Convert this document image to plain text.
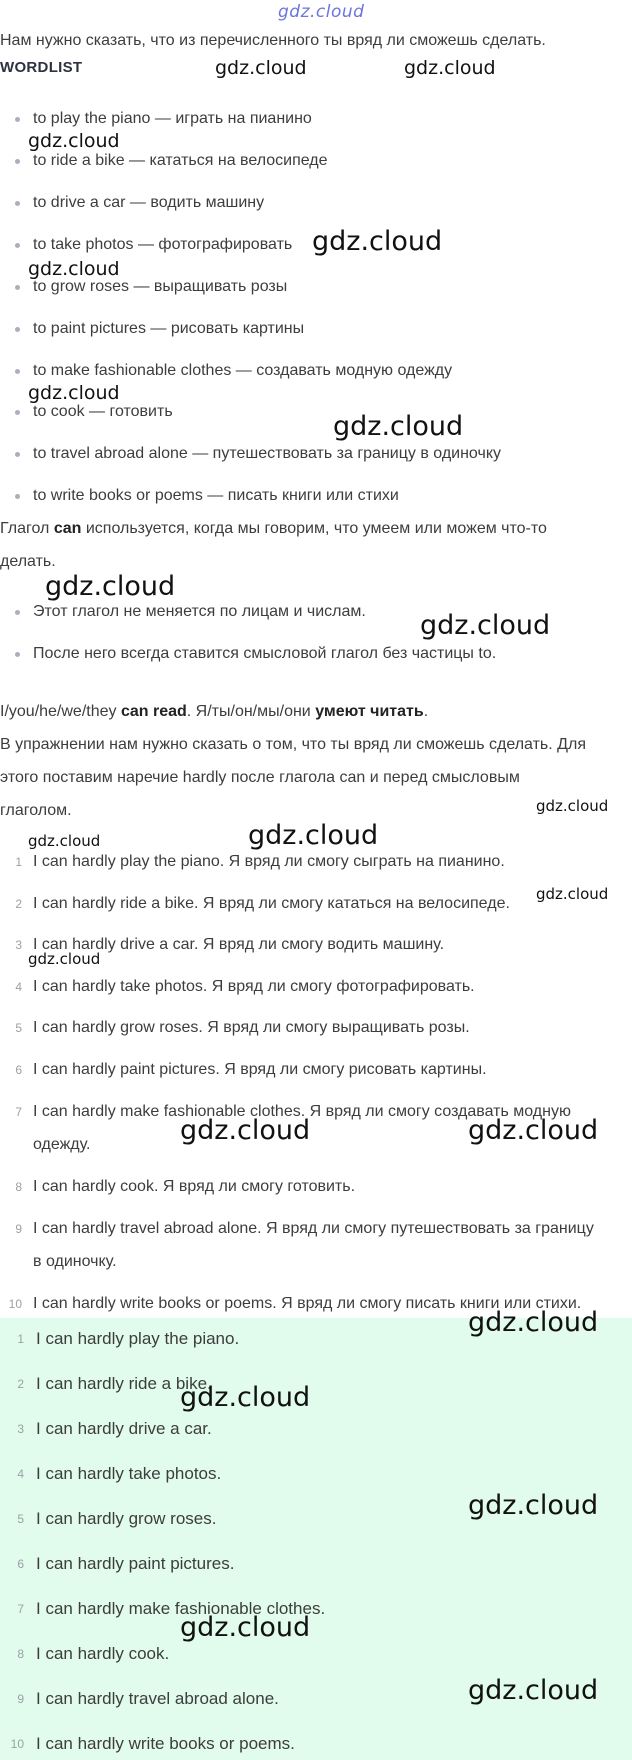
gdz.cloud
Нам нужно сказать, что из перечисленного ты вряд ли сможешь сделать.
WORDLIST
to play the piano — играть на пианино
to ride a bike — кататься на велосипеде
to drive a car — водить машину
to take photos — фотографировать
to grow roses — выращивать розы
to paint pictures — рисовать картины
to make fashionable clothes — создавать модную одежду
to cook — готовить
to travel abroad alone — путешествовать за границу в одиночку
to write books or poems — писать книги или стихи
Глагол can используется, когда мы говорим, что умеем или можем что-то
делать.
Этот глагол не меняется по лицам и числам.
После него всегда ставится смысловой глагол без частицы to.
I/you/he/we/they can read. Я/ты/он/мы/они умеют читать.
В упражнении нам нужно сказать о том, что ты вряд ли сможешь сделать. Для
этого поставим наречие hardly после глагола can и перед смысловым
глаголом.
1 I can hardly play the piano. Я вряд ли смогу сыграть на пианино.
2 I can hardly ride a bike. Я вряд ли смогу кататься на велосипеде.
3 I can hardly drive a car. Я вряд ли смогу водить машину.
4 I can hardly take photos. Я вряд ли смогу фотографировать.
5 I can hardly grow roses. Я вряд ли смогу выращивать розы.
6 I can hardly paint pictures. Я вряд ли смогу рисовать картины.
7 I can hardly make fashionable clothes. Я вряд ли смогу создавать модную
одежду.
8 I can hardly cook. Я вряд ли смогу готовить.
9 I can hardly travel abroad alone. Я вряд ли смогу путешествовать за границу
в одиночку.
10 I can hardly write books or poems. Я вряд ли смогу писать книги или стихи.
1 I can hardly play the piano.
2 I can hardly ride a bike.
3 I can hardly drive a car.
4 I can hardly take photos.
5 I can hardly grow roses.
6 I can hardly paint pictures.
7 I can hardly make fashionable clothes.
8 I can hardly cook.
9 I can hardly travel abroad alone.
10 I can hardly write books or poems.
gdz.cloud	gdz.cloud
gdz.cloud
gdz.cloud
gdz.cloud
gdz.cloud
gdz.cloud
gdz.cloud
gdz.cloud
gdz.cloud
gdz.cloud
gdz.cloud
gdz.cloud
gdz.cloud
gdz.cloud	gdz.cloud
gdz.cloud
gdz.cloud
gdz.cloud
gdz.cloud
gdz.cloud
